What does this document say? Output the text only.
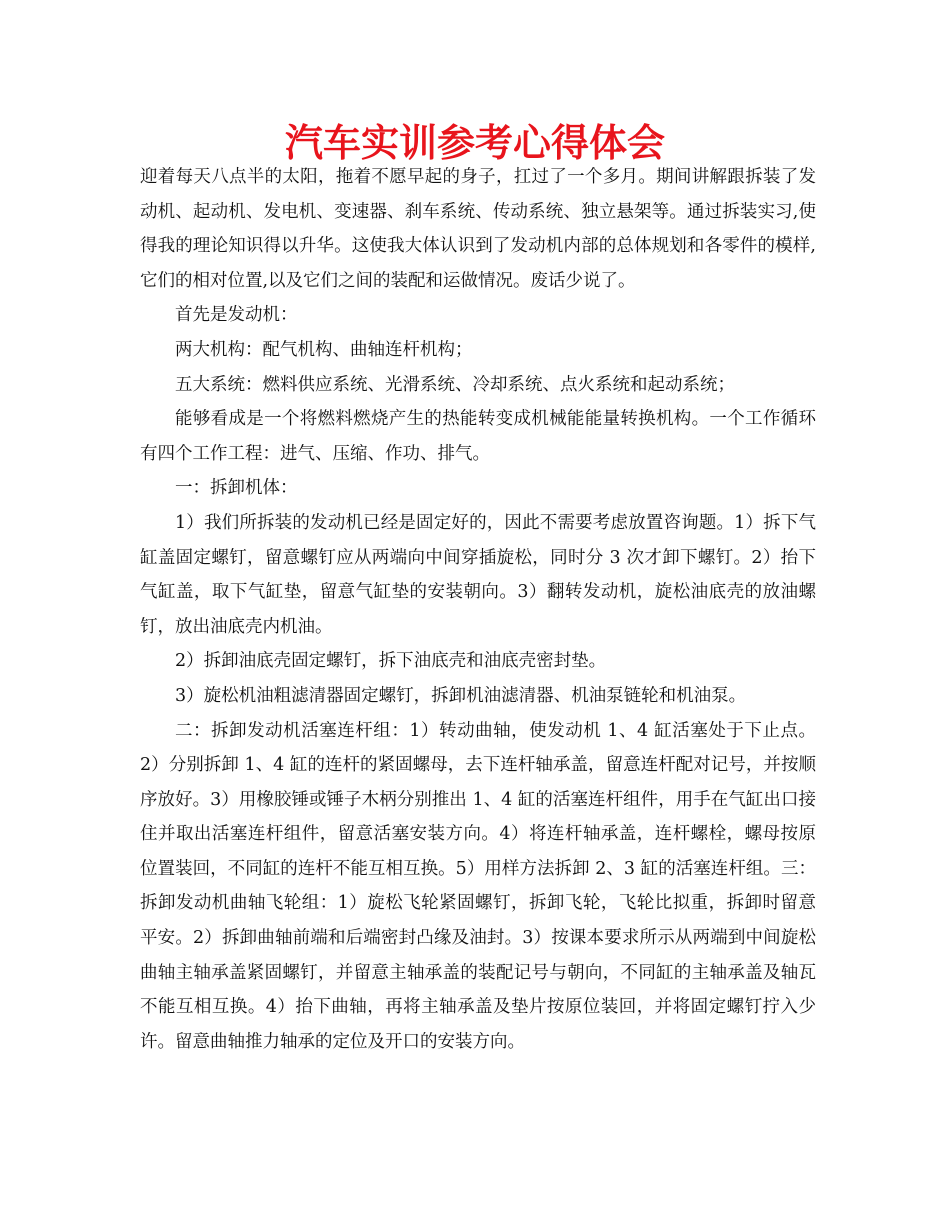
汽车实训参考心得体会

迎着每天八点半的太阳，拖着不愿早起的身子，扛过了一个多月。期间讲解跟拆装了发动机、起动机、发电机、变速器、刹车系统、传动系统、独立悬架等。通过拆装实习,使得我的理论知识得以升华。这使我大体认识到了发动机内部的总体规划和各零件的模样,它们的相对位置,以及它们之间的装配和运做情况。废话少说了。

首先是发动机：

两大机构：配气机构、曲轴连杆机构；

五大系统：燃料供应系统、光滑系统、冷却系统、点火系统和起动系统；

能够看成是一个将燃料燃烧产生的热能转变成机械能能量转换机构。一个工作循环有四个工作工程：进气、压缩、作功、排气。

一：拆卸机体：

1）我们所拆装的发动机已经是固定好的，因此不需要考虑放置咨询题。1）拆下气缸盖固定螺钉，留意螺钉应从两端向中间穿插旋松，同时分 3 次才卸下螺钉。2）抬下气缸盖，取下气缸垫，留意气缸垫的安装朝向。3）翻转发动机，旋松油底壳的放油螺钉，放出油底壳内机油。

2）拆卸油底壳固定螺钉，拆下油底壳和油底壳密封垫。

3）旋松机油粗滤清器固定螺钉，拆卸机油滤清器、机油泵链轮和机油泵。

二：拆卸发动机活塞连杆组：1）转动曲轴，使发动机 1、4 缸活塞处于下止点。2）分别拆卸 1、4 缸的连杆的紧固螺母，去下连杆轴承盖，留意连杆配对记号，并按顺序放好。3）用橡胶锤或锤子木柄分别推出 1、4 缸的活塞连杆组件，用手在气缸出口接住并取出活塞连杆组件，留意活塞安装方向。4）将连杆轴承盖，连杆螺栓，螺母按原位置装回，不同缸的连杆不能互相互换。5）用样方法拆卸 2、3 缸的活塞连杆组。三：拆卸发动机曲轴飞轮组：1）旋松飞轮紧固螺钉，拆卸飞轮，飞轮比拟重，拆卸时留意平安。2）拆卸曲轴前端和后端密封凸缘及油封。3）按课本要求所示从两端到中间旋松曲轴主轴承盖紧固螺钉，并留意主轴承盖的装配记号与朝向，不同缸的主轴承盖及轴瓦不能互相互换。4）抬下曲轴，再将主轴承盖及垫片按原位装回，并将固定螺钉拧入少许。留意曲轴推力轴承的定位及开口的安装方向。
